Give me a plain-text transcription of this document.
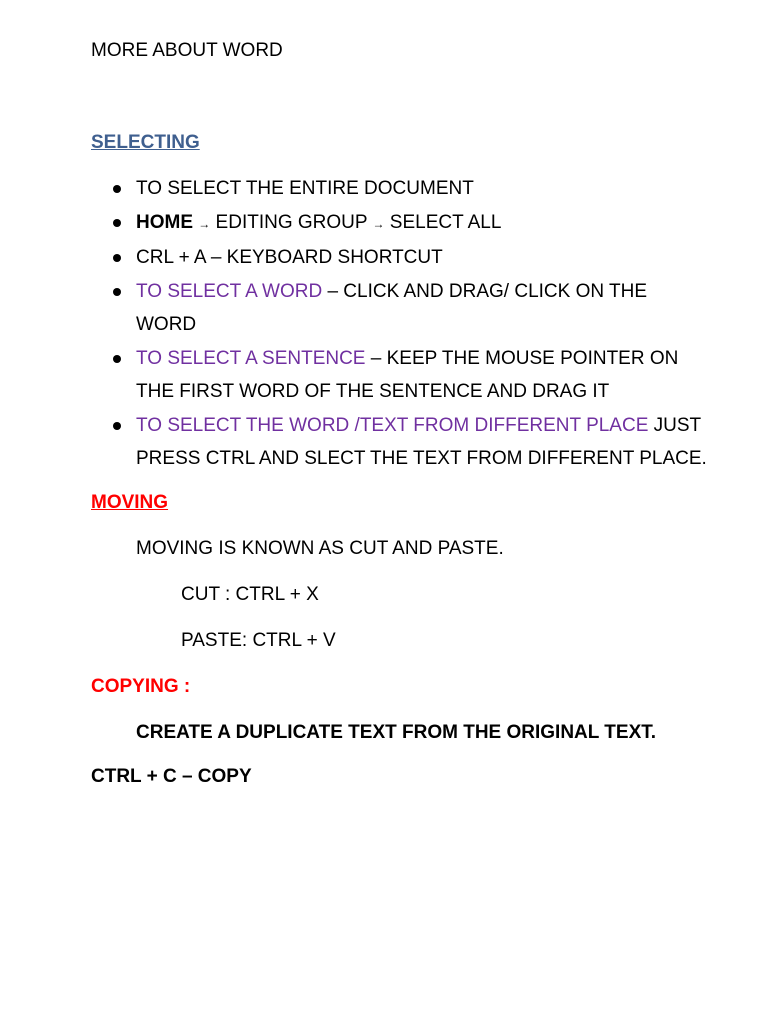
MORE ABOUT WORD
SELECTING
TO SELECT THE ENTIRE DOCUMENT
HOME → EDITING GROUP → SELECT ALL
CRL + A – KEYBOARD SHORTCUT
TO SELECT A WORD – CLICK AND DRAG/ CLICK ON THE
WORD
TO SELECT A SENTENCE – KEEP THE MOUSE POINTER ON
THE FIRST WORD OF THE SENTENCE AND DRAG IT
TO SELECT THE WORD /TEXT FROM DIFFERENT PLACE JUST
PRESS CTRL AND SLECT THE TEXT FROM DIFFERENT PLACE.
MOVING
MOVING IS KNOWN AS CUT AND PASTE.
CUT : CTRL + X
PASTE: CTRL + V
COPYING :
CREATE A DUPLICATE TEXT FROM THE ORIGINAL TEXT.
CTRL + C – COPY
